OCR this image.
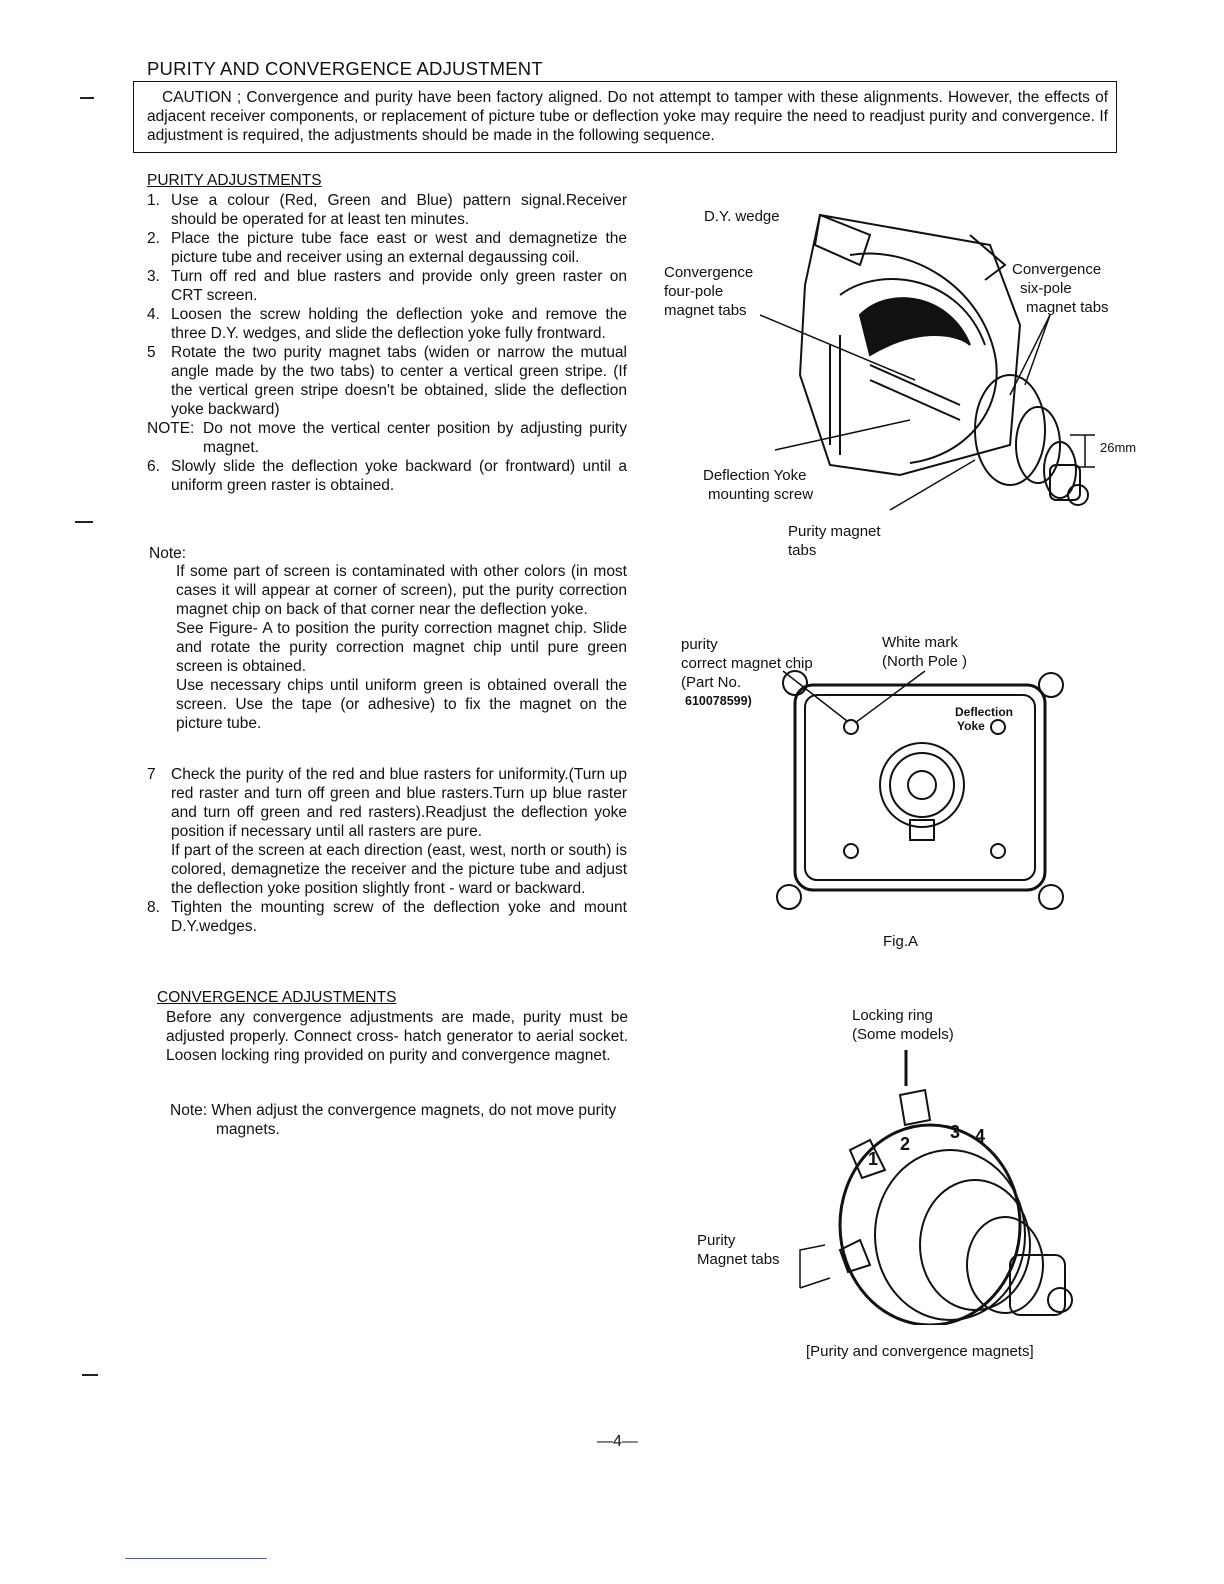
PURITY AND CONVERGENCE ADJUSTMENT

CAUTION ; Convergence and purity have been factory aligned. Do not attempt to tamper with these alignments. However, the effects of adjacent receiver components, or replacement of picture tube or deflection yoke may require the need to readjust purity and convergence. If adjustment is required, the adjustments should be made in the following sequence.

PURITY ADJUSTMENTS
1. Use a colour (Red, Green and Blue) pattern signal.Receiver should be operated for at least ten minutes.
2. Place the picture tube face east or west and demagnetize the picture tube and receiver using an external degaussing coil.
3. Turn off red and blue rasters and provide only green raster on CRT screen.
4. Loosen the screw holding the deflection yoke and remove the three D.Y. wedges, and slide the deflection yoke fully frontward.
5 Rotate the two purity magnet tabs (widen or narrow the mutual angle made by the two tabs) to center a vertical green stripe. (If the vertical green stripe doesn't be obtained, slide the deflection yoke backward)
NOTE: Do not move the vertical center position by adjusting purity magnet.
6. Slowly slide the deflection yoke backward (or frontward) until a uniform green raster is obtained.
Note:
If some part of screen is contaminated with other colors (in most cases it will appear at corner of screen), put the purity correction magnet chip on back of that corner near the deflection yoke.
See Figure- A to position the purity correction magnet chip. Slide and rotate the purity correction magnet chip until pure green screen is obtained.
Use necessary chips until uniform green is obtained overall the screen. Use the tape (or adhesive) to fix the magnet on the picture tube.
7 Check the purity of the red and blue rasters for uniformity.(Turn up red raster and turn off green and blue rasters.Turn up blue raster and turn off green and red rasters).Readjust the deflection yoke position if necessary until all rasters are pure.
If part of the screen at each direction (east, west, north or south) is colored, demagnetize the receiver and the picture tube and adjust the deflection yoke position slightly front - ward or backward.
8. Tighten the mounting screw of the deflection yoke and mount D.Y.wedges.
CONVERGENCE ADJUSTMENTS
Before any convergence adjustments are made, purity must be adjusted properly. Connect cross- hatch generator to aerial socket. Loosen locking ring provided on purity and convergence magnet.
Note: When adjust the convergence magnets, do not move purity magnets.
D.Y. wedge
Convergence
four-pole
magnet tabs
Convergence
six-pole
magnet tabs
26mm
Deflection Yoke
mounting screw
Purity magnet
tabs
purity
correct magnet chip
(Part No.
610078599)
White mark
(North Pole )
Deflection
Yoke
Fig.A
Locking ring
(Some models)
Purity
Magnet tabs
1
2
3 4
[Purity and convergence magnets]
—4—
